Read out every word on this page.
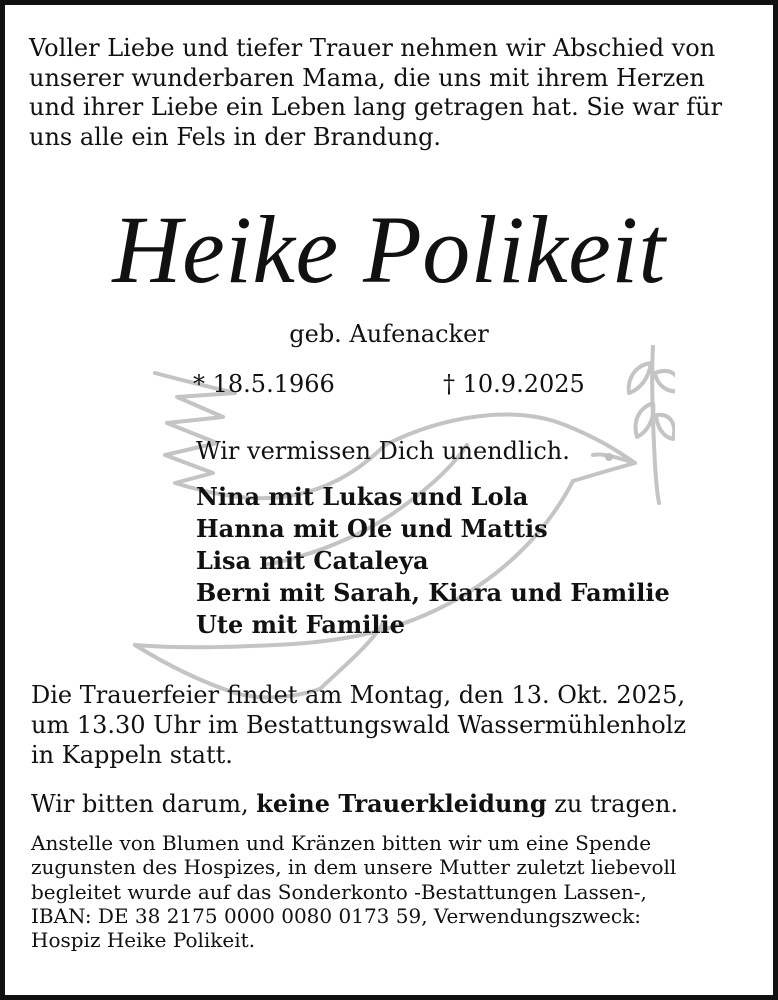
Voller Liebe und tiefer Trauer nehmen wir Abschied von
unserer wunderbaren Mama, die uns mit ihrem Herzen
und ihrer Liebe ein Leben lang getragen hat. Sie war für
uns alle ein Fels in der Brandung.

Heike Polikeit
geb. Aufenacker
* 18.5.1966	† 10.9.2025
Wir vermissen Dich unendlich.
Nina mit Lukas und Lola
Hanna mit Ole und Mattis
Lisa mit Cataleya
Berni mit Sarah, Kiara und Familie
Ute mit Familie

Die Trauerfeier findet am Montag, den 13. Okt. 2025,
um 13.30 Uhr im Bestattungswald Wassermühlenholz
in Kappeln statt.

Wir bitten darum, keine Trauerkleidung zu tragen.

Anstelle von Blumen und Kränzen bitten wir um eine Spende
zugunsten des Hospizes, in dem unsere Mutter zuletzt liebevoll
begleitet wurde auf das Sonderkonto -Bestattungen Lassen-,
IBAN: DE 38 2175 0000 0080 0173 59, Verwendungszweck:
Hospiz Heike Polikeit.
